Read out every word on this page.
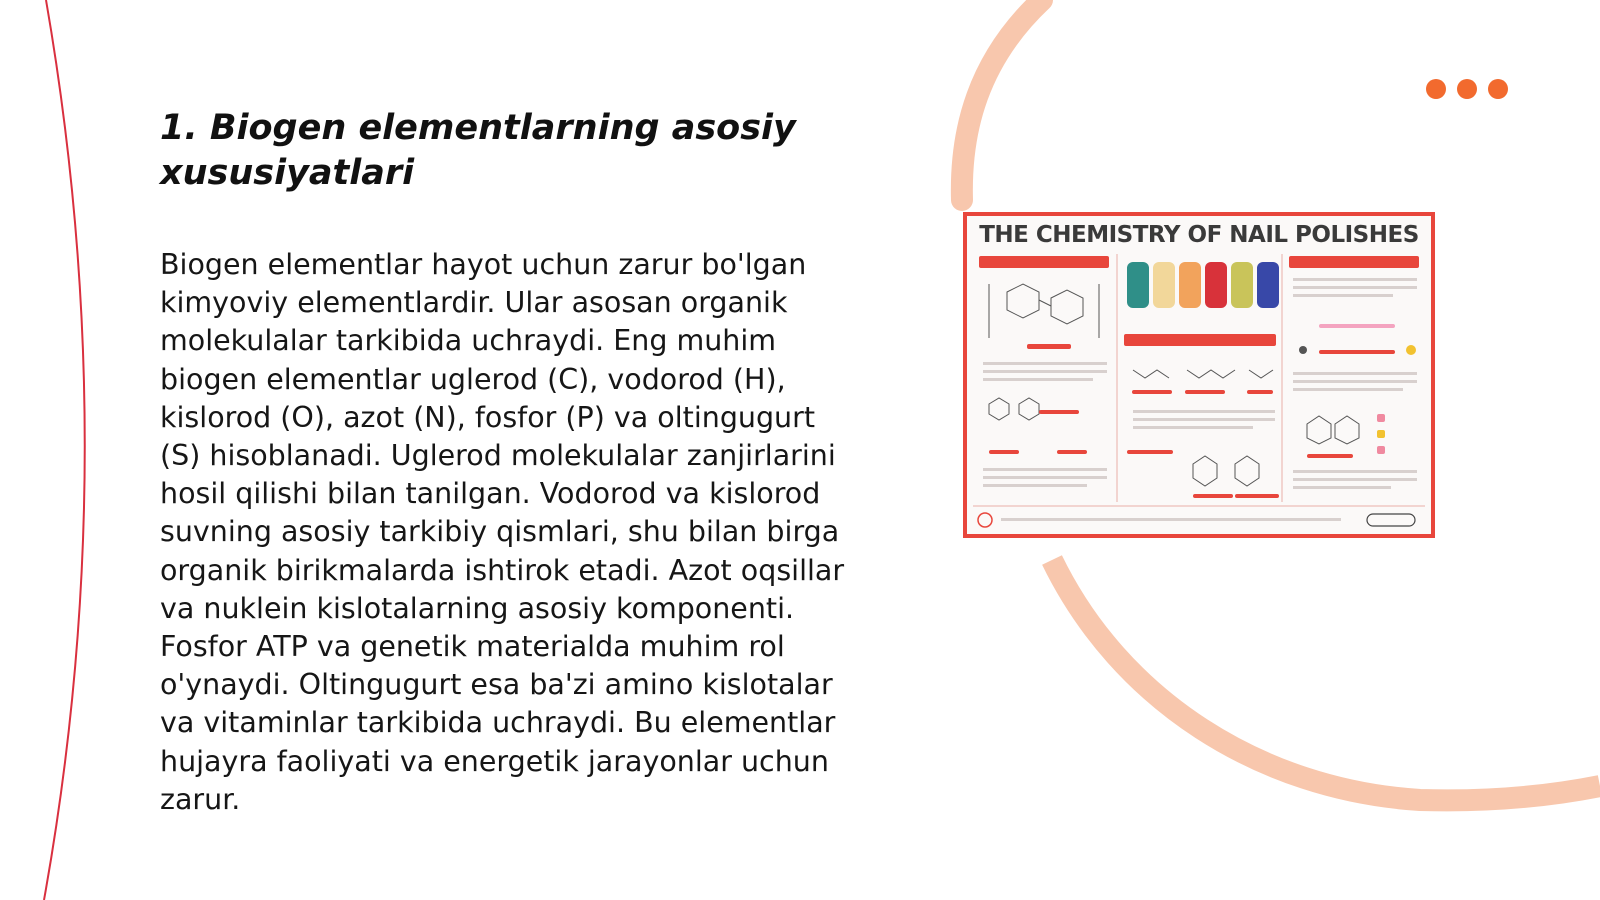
1. Biogen elementlarning asosiy xususiyatlari

Biogen elementlar hayot uchun zarur bo'lgan kimyoviy elementlardir. Ular asosan organik molekulalar tarkibida uchraydi. Eng muhim biogen elementlar uglerod (C), vodorod (H), kislorod (O), azot (N), fosfor (P) va oltingugurt (S) hisoblanadi. Uglerod molekulalar zanjirlarini hosil qilishi bilan tanilgan. Vodorod va kislorod suvning asosiy tarkibiy qismlari, shu bilan birga organik birikmalarda ishtirok etadi. Azot oqsillar va nuklein kislotalarning asosiy komponenti. Fosfor ATP va genetik materialda muhim rol o'ynaydi. Oltingugurt esa ba'zi amino kislotalar va vitaminlar tarkibida uchraydi. Bu elementlar hujayra faoliyati va energetik jarayonlar uchun zarur.

THE CHEMISTRY OF NAIL POLISHES
